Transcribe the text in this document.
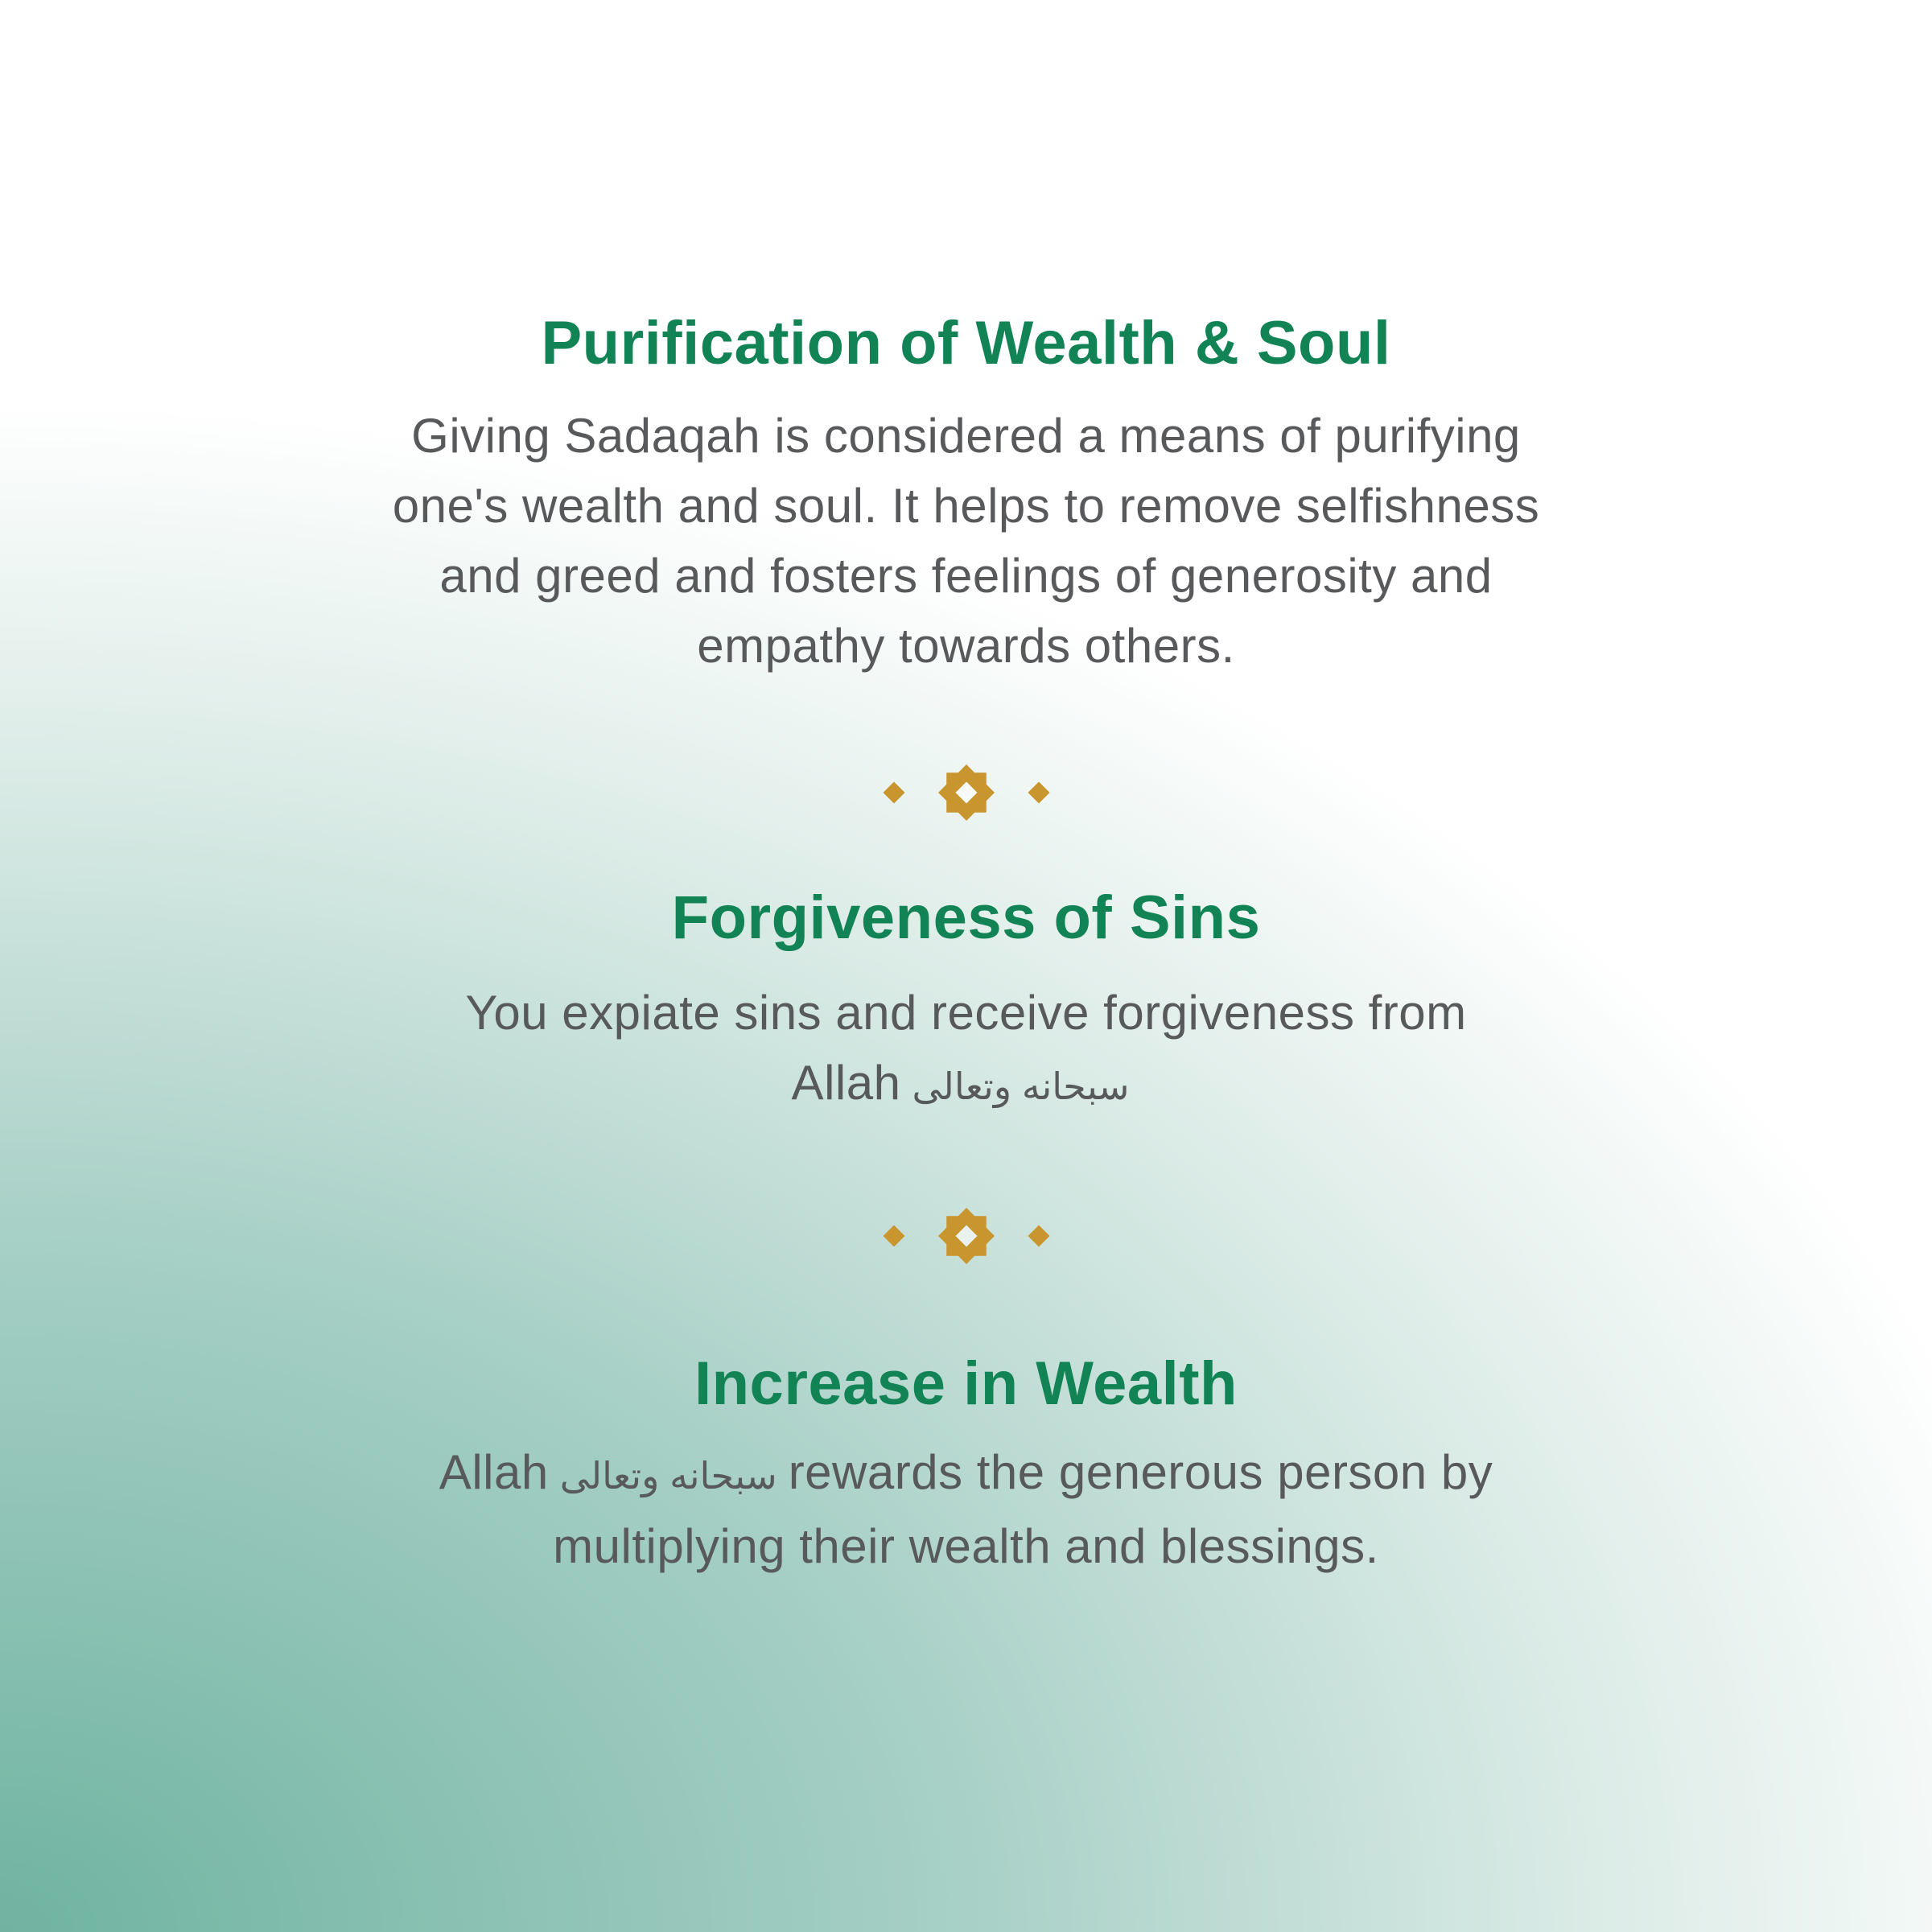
Purification of Wealth & Soul
Giving Sadaqah is considered a means of purifying
one's wealth and soul. It helps to remove selfishness
and greed and fosters feelings of generosity and
empathy towards others.
Forgiveness of Sins
You expiate sins and receive forgiveness from
Allah سبحانه وتعالى
Increase in Wealth
Allah سبحانه وتعالى rewards the generous person by
multiplying their wealth and blessings.
